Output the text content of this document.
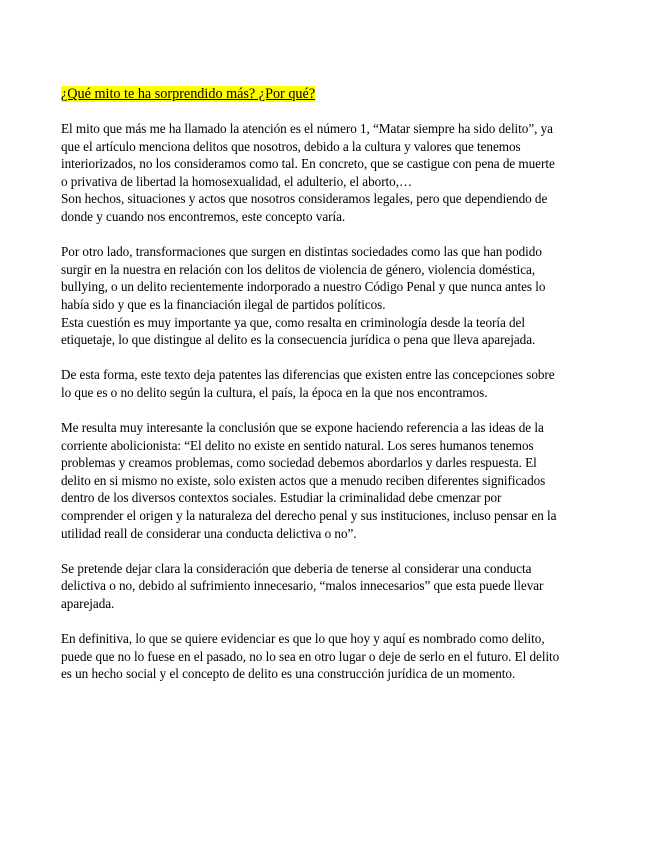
¿Qué mito te ha sorprendido más? ¿Por qué?

El mito que más me ha llamado la atención es el número 1, “Matar siempre ha sido delito”, ya
que el artículo menciona delitos que nosotros, debido a la cultura y valores que tenemos
interiorizados, no los consideramos como tal. En concreto, que se castigue con pena de muerte
o privativa de libertad la homosexualidad, el adulterio, el aborto,…

Son hechos, situaciones y actos que nosotros consideramos legales, pero que dependiendo de
donde y cuando nos encontremos, este concepto varía.

Por otro lado, transformaciones que surgen en distintas sociedades como las que han podido
surgir en la nuestra en relación con los delitos de violencia de género, violencia doméstica,
bullying, o un delito recientemente indorporado a nuestro Código Penal y que nunca antes lo
había sido y que es la financiación ilegal de partidos políticos.

Esta cuestión es muy importante ya que, como resalta en criminología desde la teoría del
etiquetaje, lo que distingue al delito es la consecuencia jurídica o pena que lleva aparejada.

De esta forma, este texto deja patentes las diferencias que existen entre las concepciones sobre
lo que es o no delito según la cultura, el país, la época en la que nos encontramos.

Me resulta muy interesante la conclusión que se expone haciendo referencia a las ideas de la
corriente abolicionista: “El delito no existe en sentido natural. Los seres humanos tenemos
problemas y creamos problemas, como sociedad debemos abordarlos y darles respuesta. El
delito en si mismo no existe, solo existen actos que a menudo reciben diferentes significados
dentro de los diversos contextos sociales. Estudiar la criminalidad debe cmenzar por
comprender el origen y la naturaleza del derecho penal y sus instituciones, incluso pensar en la
utilidad reall de considerar una conducta delictiva o no”.

Se pretende dejar clara la consideración que deberia de tenerse al considerar una conducta
delictiva o no, debido al sufrimiento innecesario, “malos innecesarios” que esta puede llevar
aparejada.

En definitiva, lo que se quiere evidenciar es que lo que hoy y aquí es nombrado como delito,
puede que no lo fuese en el pasado, no lo sea en otro lugar o deje de serlo en el futuro. El delito
es un hecho social y el concepto de delito es una construcción jurídica de un momento.
